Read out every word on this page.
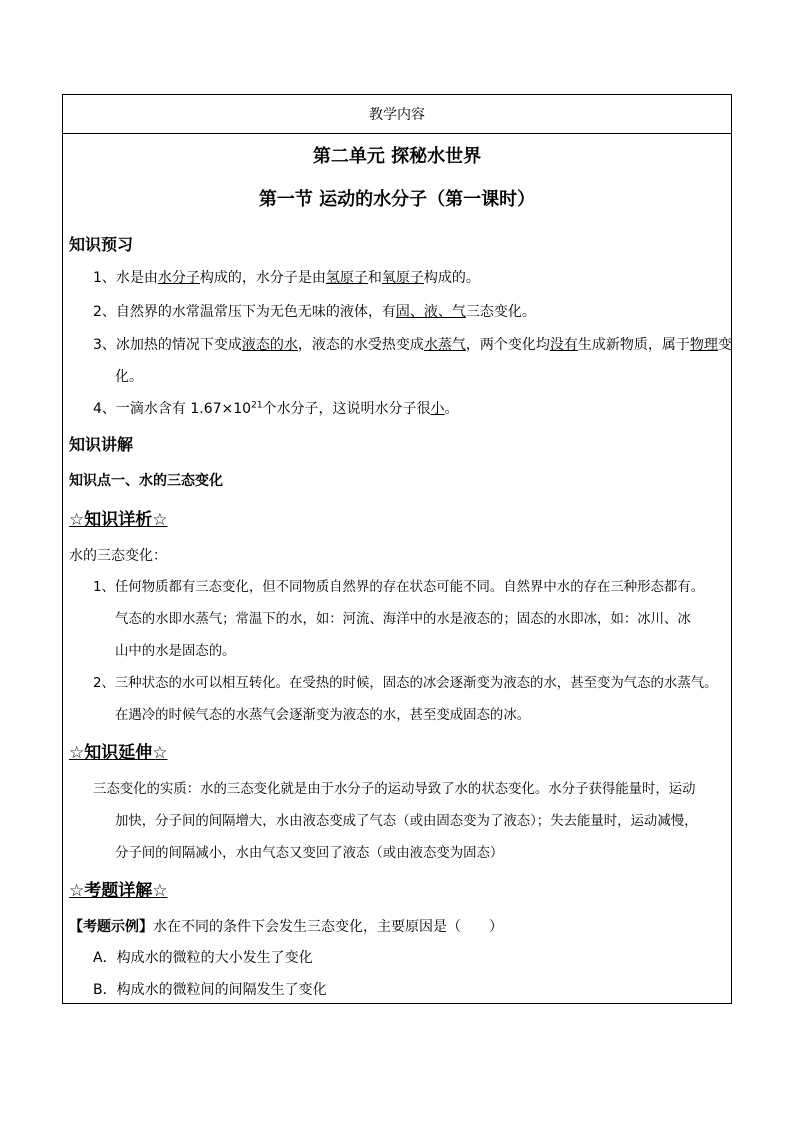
教学内容
第二单元 探秘水世界
第一节 运动的水分子（第一课时）
知识预习
1、水是由水分子构成的，水分子是由氢原子和氧原子构成的。
2、自然界的水常温常压下为无色无味的液体，有固、液、气三态变化。
3、冰加热的情况下变成液态的水，液态的水受热变成水蒸气，两个变化均没有生成新物质，属于物理变
化。
4、一滴水含有 $1.67\times 10^{21}$个水分子，这说明水分子很小。
知识讲解
知识点一、水的三态变化
☆知识详析☆
水的三态变化：
1、任何物质都有三态变化，但不同物质自然界的存在状态可能不同。自然界中水的存在三种形态都有。
气态的水即水蒸气；常温下的水，如：河流、海洋中的水是液态的；固态的水即冰，如：冰川、冰
山中的水是固态的。
2、三种状态的水可以相互转化。在受热的时候，固态的冰会逐渐变为液态的水，甚至变为气态的水蒸气。
在遇冷的时候气态的水蒸气会逐渐变为液态的水，甚至变成固态的冰。
☆知识延伸☆
三态变化的实质：水的三态变化就是由于水分子的运动导致了水的状态变化。水分子获得能量时，运动
加快，分子间的间隔增大，水由液态变成了气态（或由固态变为了液态）；失去能量时，运动减慢，
分子间的间隔减小，水由气态又变回了液态（或由液态变为固态）
☆考题详解☆
【考题示例】水在不同的条件下会发生三态变化，主要原因是（　　）
A．构成水的微粒的大小发生了变化
B．构成水的微粒间的间隔发生了变化
